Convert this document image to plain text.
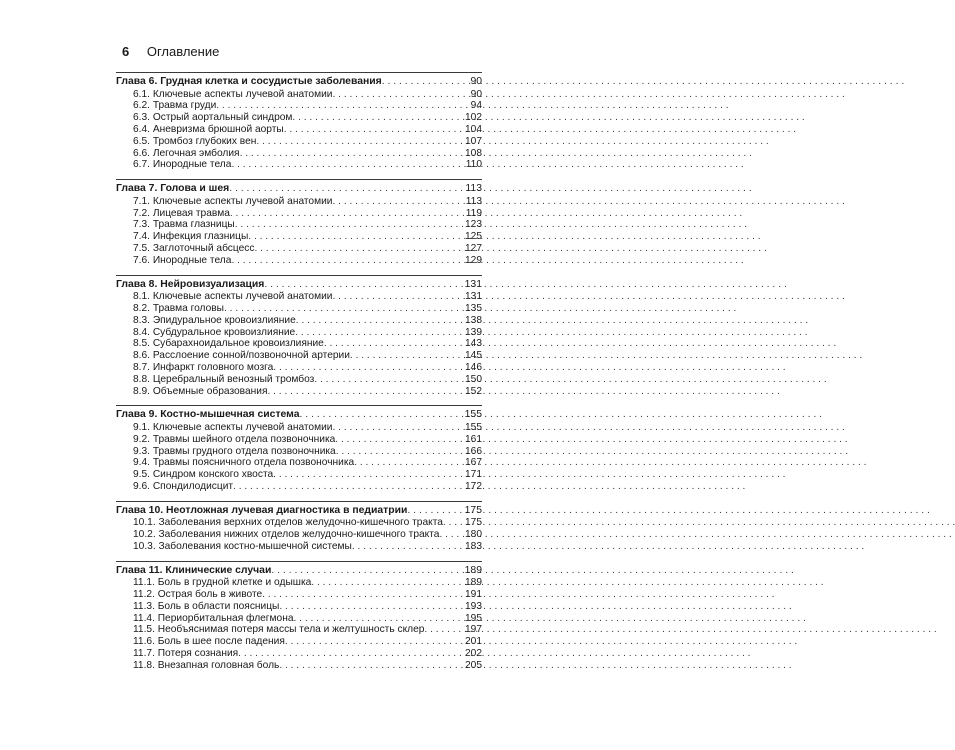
6 Оглавление
Глава 6. Грудная клетка и сосудистые заболевания . . .	90
6.1. Ключевые аспекты лучевой анатомии . . .	90
6.2. Травма груди . . .	94
6.3. Острый аортальный синдром . . .	102
6.4. Аневризма брюшной аорты . . .	104
6.5. Тромбоз глубоких вен . . .	107
6.6. Легочная эмболия . . .	108
6.7. Инородные тела . . .	110
Глава 7. Голова и шея . . .	113
7.1. Ключевые аспекты лучевой анатомии . . .	113
7.2. Лицевая травма . . .	119
7.3. Травма глазницы . . .	123
7.4. Инфекция глазницы . . .	125
7.5. Заглоточный абсцесс . . .	127
7.6. Инородные тела . . .	129
Глава 8. Нейровизуализация . . .	131
8.1. Ключевые аспекты лучевой анатомии . . .	131
8.2. Травма головы . . .	135
8.3. Эпидуральное кровоизлияние . . .	138
8.4. Субдуральное кровоизлияние . . .	139
8.5. Субарахноидальное кровоизлияние . . .	143
8.6. Расслоение сонной/позвоночной артерии . . .	145
8.7. Инфаркт головного мозга . . .	146
8.8. Церебральный венозный тромбоз . . .	150
8.9. Объемные образования . . .	152
Глава 9. Костно-мышечная система . . .	155
9.1. Ключевые аспекты лучевой анатомии . . .	155
9.2. Травмы шейного отдела позвоночника . . .	161
9.3. Травмы грудного отдела позвоночника . . .	166
9.4. Травмы поясничного отдела позвоночника . . .	167
9.5. Синдром конского хвоста . . .	171
9.6. Спондилодисцит . . .	172
Глава 10. Неотложная лучевая диагностика в педиатрии . . .	175
10.1. Заболевания верхних отделов желудочно-кишечного тракта . . . 175
10.2. Заболевания нижних отделов желудочно-кишечного тракта . . .	180
10.3. Заболевания костно-мышечной системы . . .	183
Глава 11. Клинические случаи . . .	189
11.1. Боль в грудной клетке и одышка . . .	189
11.2. Острая боль в животе . . .	191
11.3. Боль в области поясницы . . .	193
11.4. Периорбитальная флегмона . . .	195
11.5. Необъяснимая потеря массы тела и желтушность склер . . .	197
11.6. Боль в шее после падения . . .	201
11.7. Потеря сознания . . .	202
11.8. Внезапная головная боль . . .	205
